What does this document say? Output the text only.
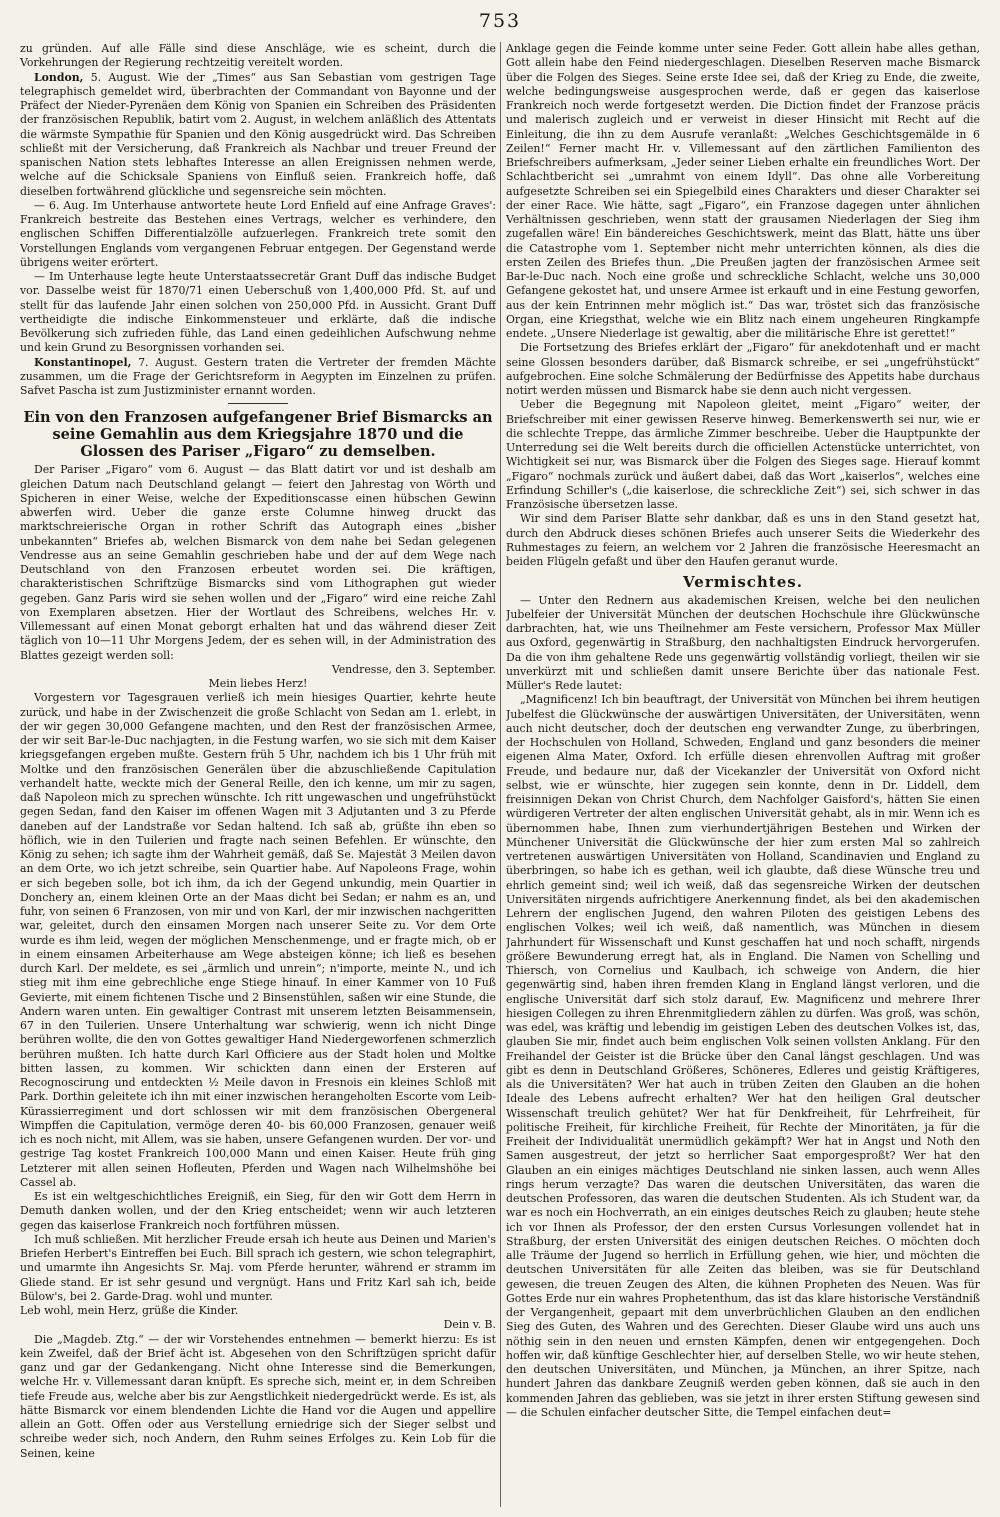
753

zu gründen. Auf alle Fälle sind diese Anschläge, wie es scheint, durch die Vorkehrungen der Regierung rechtzeitig vereitelt worden.

London, 5. August. Wie der „Times“ aus San Sebastian vom gestrigen Tage telegraphisch gemeldet wird, überbrachten der Commandant von Bayonne und der Präfect der Nieder-Pyrenäen dem König von Spanien ein Schreiben des Präsidenten der französischen Republik, batirt vom 2. August, in welchem anläßlich des Attentats die wärmste Sympathie für Spanien und den König ausgedrückt wird. Das Schreiben schließt mit der Versicherung, daß Frankreich als Nachbar und treuer Freund der spanischen Nation stets lebhaftes Interesse an allen Ereignissen nehmen werde, welche auf die Schicksale Spaniens von Einfluß seien. Frankreich hoffe, daß dieselben fortwährend glückliche und segensreiche sein möchten.

— 6. Aug. Im Unterhause antwortete heute Lord Enfield auf eine Anfrage Graves': Frankreich bestreite das Bestehen eines Vertrags, welcher es verhindere, den englischen Schiffen Differentialzölle aufzuerlegen. Frankreich trete somit den Vorstellungen Englands vom vergangenen Februar entgegen. Der Gegenstand werde übrigens weiter erörtert.

— Im Unterhause legte heute Unterstaatssecretär Grant Duff das indische Budget vor. Dasselbe weist für 1870/71 einen Ueberschuß von 1,400,000 Pfd. St. auf und stellt für das laufende Jahr einen solchen von 250,000 Pfd. in Aussicht. Grant Duff vertheidigte die indische Einkommensteuer und erklärte, daß die indische Bevölkerung sich zufrieden fühle, das Land einen gedeihlichen Aufschwung nehme und kein Grund zu Besorgnissen vorhanden sei.

Konstantinopel, 7. August. Gestern traten die Vertreter der fremden Mächte zusammen, um die Frage der Gerichtsreform in Aegypten im Einzelnen zu prüfen. Safvet Pascha ist zum Justizminister ernannt worden.

Ein von den Franzosen aufgefangener Brief Bismarcks an seine Gemahlin aus dem Kriegsjahre 1870 und die Glossen des Pariser „Figaro“ zu demselben.

Der Pariser „Figaro“ vom 6. August — das Blatt datirt vor und ist deshalb am gleichen Datum nach Deutschland gelangt — feiert den Jahrestag von Wörth und Spicheren in einer Weise, welche der Expeditionscasse einen hübschen Gewinn abwerfen wird. Ueber die ganze erste Columne hinweg druckt das marktschreierische Organ in rother Schrift das Autograph eines „bisher unbekannten“ Briefes ab, welchen Bismarck von dem nahe bei Sedan gelegenen Vendresse aus an seine Gemahlin geschrieben habe und der auf dem Wege nach Deutschland von den Franzosen erbeutet worden sei. Die kräftigen, charakteristischen Schriftzüge Bismarcks sind vom Lithographen gut wieder gegeben. Ganz Paris wird sie sehen wollen und der „Figaro“ wird eine reiche Zahl von Exemplaren absetzen. Hier der Wortlaut des Schreibens, welches Hr. v. Villemessant auf einen Monat geborgt erhalten hat und das während dieser Zeit täglich von 10—11 Uhr Morgens Jedem, der es sehen will, in der Administration des Blattes gezeigt werden soll:

Vendresse, den 3. September.

Mein liebes Herz!

Vorgestern vor Tagesgrauen verließ ich mein hiesiges Quartier, kehrte heute zurück, und habe in der Zwischenzeit die große Schlacht von Sedan am 1. erlebt, in der wir gegen 30,000 Gefangene machten, und den Rest der französischen Armee, der wir seit Bar-le-Duc nachjagten, in die Festung warfen, wo sie sich mit dem Kaiser kriegsgefangen ergeben mußte. Gestern früh 5 Uhr, nachdem ich bis 1 Uhr früh mit Moltke und den französischen Generälen über die abzuschließende Capitulation verhandelt hatte, weckte mich der General Reille, den ich kenne, um mir zu sagen, daß Napoleon mich zu sprechen wünschte. Ich ritt ungewaschen und ungefrühstückt gegen Sedan, fand den Kaiser im offenen Wagen mit 3 Adjutanten und 3 zu Pferde daneben auf der Landstraße vor Sedan haltend. Ich saß ab, grüßte ihn eben so höflich, wie in den Tuilerien und fragte nach seinen Befehlen. Er wünschte, den König zu sehen; ich sagte ihm der Wahrheit gemäß, daß Se. Majestät 3 Meilen davon an dem Orte, wo ich jetzt schreibe, sein Quartier habe. Auf Napoleons Frage, wohin er sich begeben solle, bot ich ihm, da ich der Gegend unkundig, mein Quartier in Donchery an, einem kleinen Orte an der Maas dicht bei Sedan; er nahm es an, und fuhr, von seinen 6 Franzosen, von mir und von Karl, der mir inzwischen nachgeritten war, geleitet, durch den einsamen Morgen nach unserer Seite zu. Vor dem Orte wurde es ihm leid, wegen der möglichen Menschenmenge, und er fragte mich, ob er in einem einsamen Arbeiterhause am Wege absteigen könne; ich ließ es besehen durch Karl. Der meldete, es sei „ärmlich und unrein“; n'importe, meinte N., und ich stieg mit ihm eine gebrechliche enge Stiege hinauf. In einer Kammer von 10 Fuß Gevierte, mit einem fichtenen Tische und 2 Binsenstühlen, saßen wir eine Stunde, die Andern waren unten. Ein gewaltiger Contrast mit unserem letzten Beisammensein, 67 in den Tuilerien. Unsere Unterhaltung war schwierig, wenn ich nicht Dinge berühren wollte, die den von Gottes gewaltiger Hand Niedergeworfenen schmerzlich berühren mußten. Ich hatte durch Karl Officiere aus der Stadt holen und Moltke bitten lassen, zu kommen. Wir schickten dann einen der Ersteren auf Recognoscirung und entdeckten ½ Meile davon in Fresnois ein kleines Schloß mit Park. Dorthin geleitete ich ihn mit einer inzwischen herangeholten Escorte vom Leib-Kürassierregiment und dort schlossen wir mit dem französischen Obergeneral Wimpffen die Capitulation, vermöge deren 40- bis 60,000 Franzosen, genauer weiß ich es noch nicht, mit Allem, was sie haben, unsere Gefangenen wurden. Der vor- und gestrige Tag kostet Frankreich 100,000 Mann und einen Kaiser. Heute früh ging Letzterer mit allen seinen Hofleuten, Pferden und Wagen nach Wilhelmshöhe bei Cassel ab.

Es ist ein weltgeschichtliches Ereigniß, ein Sieg, für den wir Gott dem Herrn in Demuth danken wollen, und der den Krieg entscheidet; wenn wir auch letzteren gegen das kaiserlose Frankreich noch fortführen müssen.

Ich muß schließen. Mit herzlicher Freude ersah ich heute aus Deinen und Marien's Briefen Herbert's Eintreffen bei Euch. Bill sprach ich gestern, wie schon telegraphirt, und umarmte ihn Angesichts Sr. Maj. vom Pferde herunter, während er stramm im Gliede stand. Er ist sehr gesund und vergnügt. Hans und Fritz Karl sah ich, beide Bülow's, bei 2. Garde-Drag. wohl und munter.

Leb wohl, mein Herz, grüße die Kinder.

Dein v. B.

Die „Magdeb. Ztg.“ — der wir Vorstehendes entnehmen — bemerkt hierzu: Es ist kein Zweifel, daß der Brief ächt ist. Abgesehen von den Schriftzügen spricht dafür ganz und gar der Gedankengang. Nicht ohne Interesse sind die Bemerkungen, welche Hr. v. Villemessant daran knüpft. Es spreche sich, meint er, in dem Schreiben tiefe Freude aus, welche aber bis zur Aengstlichkeit niedergedrückt werde. Es ist, als hätte Bismarck vor einem blendenden Lichte die Hand vor die Augen und appellire allein an Gott. Offen oder aus Verstellung erniedrige sich der Sieger selbst und schreibe weder sich, noch Andern, den Ruhm seines Erfolges zu. Kein Lob für die Seinen, keine

Anklage gegen die Feinde komme unter seine Feder. Gott allein habe alles gethan, Gott allein habe den Feind niedergeschlagen. Dieselben Reserven mache Bismarck über die Folgen des Sieges. Seine erste Idee sei, daß der Krieg zu Ende, die zweite, welche bedingungsweise ausgesprochen werde, daß er gegen das kaiserlose Frankreich noch werde fortgesetzt werden. Die Diction findet der Franzose präcis und malerisch zugleich und er verweist in dieser Hinsicht mit Recht auf die Einleitung, die ihn zu dem Ausrufe veranlaßt: „Welches Geschichtsgemälde in 6 Zeilen!“ Ferner macht Hr. v. Villemessant auf den zärtlichen Familienton des Briefschreibers aufmerksam, „Jeder seiner Lieben erhalte ein freundliches Wort. Der Schlachtbericht sei „umrahmt von einem Idyll“. Das ohne alle Vorbereitung aufgesetzte Schreiben sei ein Spiegelbild eines Charakters und dieser Charakter sei der einer Race. Wie hätte, sagt „Figaro“, ein Franzose dagegen unter ähnlichen Verhältnissen geschrieben, wenn statt der grausamen Niederlagen der Sieg ihm zugefallen wäre! Ein bändereiches Geschichtswerk, meint das Blatt, hätte uns über die Catastrophe vom 1. September nicht mehr unterrichten können, als dies die ersten Zeilen des Briefes thun. „Die Preußen jagten der französischen Armee seit Bar-le-Duc nach. Noch eine große und schreckliche Schlacht, welche uns 30,000 Gefangene gekostet hat, und unsere Armee ist erkauft und in eine Festung geworfen, aus der kein Entrinnen mehr möglich ist.“ Das war, tröstet sich das französische Organ, eine Kriegsthat, welche wie ein Blitz nach einem ungeheuren Ringkampfe endete. „Unsere Niederlage ist gewaltig, aber die militärische Ehre ist gerettet!“

Die Fortsetzung des Briefes erklärt der „Figaro“ für anekdotenhaft und er macht seine Glossen besonders darüber, daß Bismarck schreibe, er sei „ungefrühstückt“ aufgebrochen. Eine solche Schmälerung der Bedürfnisse des Appetits habe durchaus notirt werden müssen und Bismarck habe sie denn auch nicht vergessen.

Ueber die Begegnung mit Napoleon gleitet, meint „Figaro“ weiter, der Briefschreiber mit einer gewissen Reserve hinweg. Bemerkenswerth sei nur, wie er die schlechte Treppe, das ärmliche Zimmer beschreibe. Ueber die Hauptpunkte der Unterredung sei die Welt bereits durch die officiellen Actenstücke unterrichtet, von Wichtigkeit sei nur, was Bismarck über die Folgen des Sieges sage. Hierauf kommt „Figaro“ nochmals zurück und äußert dabei, daß das Wort „kaiserlos“, welches eine Erfindung Schiller's („die kaiserlose, die schreckliche Zeit“) sei, sich schwer in das Französische übersetzen lasse.

Wir sind dem Pariser Blatte sehr dankbar, daß es uns in den Stand gesetzt hat, durch den Abdruck dieses schönen Briefes auch unserer Seits die Wiederkehr des Ruhmestages zu feiern, an welchem vor 2 Jahren die französische Heeresmacht an beiden Flügeln gefaßt und über den Haufen geranut wurde.

Vermischtes.

— Unter den Rednern aus akademischen Kreisen, welche bei den neulichen Jubelfeier der Universität München der deutschen Hochschule ihre Glückwünsche darbrachten, hat, wie uns Theilnehmer am Feste versichern, Professor Max Müller aus Oxford, gegenwärtig in Straßburg, den nachhaltigsten Eindruck hervorgerufen. Da die von ihm gehaltene Rede uns gegenwärtig vollständig vorliegt, theilen wir sie unverkürzt mit und schließen damit unsere Berichte über das nationale Fest. Müller's Rede lautet:

„Magnificenz! Ich bin beauftragt, der Universität von München bei ihrem heutigen Jubelfest die Glückwünsche der auswärtigen Universitäten, der Universitäten, wenn auch nicht deutscher, doch der deutschen eng verwandter Zunge, zu überbringen, der Hochschulen von Holland, Schweden, England und ganz besonders die meiner eigenen Alma Mater, Oxford. Ich erfülle diesen ehrenvollen Auftrag mit großer Freude, und bedaure nur, daß der Vicekanzler der Universität von Oxford nicht selbst, wie er wünschte, hier zugegen sein konnte, denn in Dr. Liddell, dem freisinnigen Dekan von Christ Church, dem Nachfolger Gaisford's, hätten Sie einen würdigeren Vertreter der alten englischen Universität gehabt, als in mir. Wenn ich es übernommen habe, Ihnen zum vierhundertjährigen Bestehen und Wirken der Münchener Universität die Glückwünsche der hier zum ersten Mal so zahlreich vertretenen auswärtigen Universitäten von Holland, Scandinavien und England zu überbringen, so habe ich es gethan, weil ich glaubte, daß diese Wünsche treu und ehrlich gemeint sind; weil ich weiß, daß das segensreiche Wirken der deutschen Universitäten nirgends aufrichtigere Anerkennung findet, als bei den akademischen Lehrern der englischen Jugend, den wahren Piloten des geistigen Lebens des englischen Volkes; weil ich weiß, daß namentlich, was München in diesem Jahrhundert für Wissenschaft und Kunst geschaffen hat und noch schafft, nirgends größere Bewunderung erregt hat, als in England. Die Namen von Schelling und Thiersch, von Cornelius und Kaulbach, ich schweige von Andern, die hier gegenwärtig sind, haben ihren fremden Klang in England längst verloren, und die englische Universität darf sich stolz darauf, Ew. Magnificenz und mehrere Ihrer hiesigen Collegen zu ihren Ehrenmitgliedern zählen zu dürfen. Was groß, was schön, was edel, was kräftig und lebendig im geistigen Leben des deutschen Volkes ist, das, glauben Sie mir, findet auch beim englischen Volk seinen vollsten Anklang. Für den Freihandel der Geister ist die Brücke über den Canal längst geschlagen. Und was gibt es denn in Deutschland Größeres, Schöneres, Edleres und geistig Kräftigeres, als die Universitäten? Wer hat auch in trüben Zeiten den Glauben an die hohen Ideale des Lebens aufrecht erhalten? Wer hat den heiligen Gral deutscher Wissenschaft treulich gehütet? Wer hat für Denkfreiheit, für Lehrfreiheit, für politische Freiheit, für kirchliche Freiheit, für Rechte der Minoritäten, ja für die Freiheit der Individualität unermüdlich gekämpft? Wer hat in Angst und Noth den Samen ausgestreut, der jetzt so herrlicher Saat emporgesproßt? Wer hat den Glauben an ein einiges mächtiges Deutschland nie sinken lassen, auch wenn Alles rings herum verzagte? Das waren die deutschen Universitäten, das waren die deutschen Professoren, das waren die deutschen Studenten. Als ich Student war, da war es noch ein Hochverrath, an ein einiges deutsches Reich zu glauben; heute stehe ich vor Ihnen als Professor, der den ersten Cursus Vorlesungen vollendet hat in Straßburg, der ersten Universität des einigen deutschen Reiches. O möchten doch alle Träume der Jugend so herrlich in Erfüllung gehen, wie hier, und möchten die deutschen Universitäten für alle Zeiten das bleiben, was sie für Deutschland gewesen, die treuen Zeugen des Alten, die kühnen Propheten des Neuen. Was für Gottes Erde nur ein wahres Prophetenthum, das ist das klare historische Verständniß der Vergangenheit, gepaart mit dem unverbrüchlichen Glauben an den endlichen Sieg des Guten, des Wahren und des Gerechten. Dieser Glaube wird uns auch uns nöthig sein in den neuen und ernsten Kämpfen, denen wir entgegengehen. Doch hoffen wir, daß künftige Geschlechter hier, auf derselben Stelle, wo wir heute stehen, den deutschen Universitäten, und München, ja München, an ihrer Spitze, nach hundert Jahren das dankbare Zeugniß werden geben können, daß sie auch in den kommenden Jahren das geblieben, was sie jetzt in ihrer ersten Stiftung gewesen sind — die Schulen einfacher deutscher Sitte, die Tempel einfachen deut=
